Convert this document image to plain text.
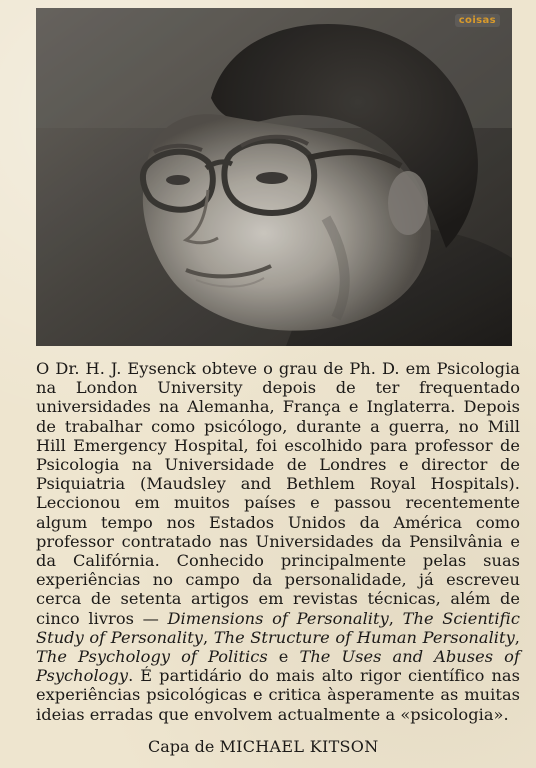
coisas

O Dr. H. J. Eysenck obteve o grau de Ph. D. em Psicologia na London University depois de ter frequentado universidades na Alemanha, França e Inglaterra. Depois de trabalhar como psicólogo, durante a guerra, no Mill Hill Emergency Hospital, foi escolhido para professor de Psicologia na Universidade de Londres e director de Psiquiatria (Maudsley and Bethlem Royal Hospitals). Leccionou em muitos países e passou recentemente algum tempo nos Estados Unidos da América como professor contratado nas Universidades da Pensilvânia e da Califórnia. Conhecido principalmente pelas suas experiências no campo da personalidade, já escreveu cerca de setenta artigos em revistas técnicas, além de cinco livros — Dimensions of Personality, The Scientific Study of Personality, The Structure of Human Personality, The Psychology of Politics e The Uses and Abuses of Psychology. É partidário do mais alto rigor científico nas experiências psicológicas e critica àsperamente as muitas ideias erradas que envolvem actualmente a «psicologia».

Capa de MICHAEL KITSON
